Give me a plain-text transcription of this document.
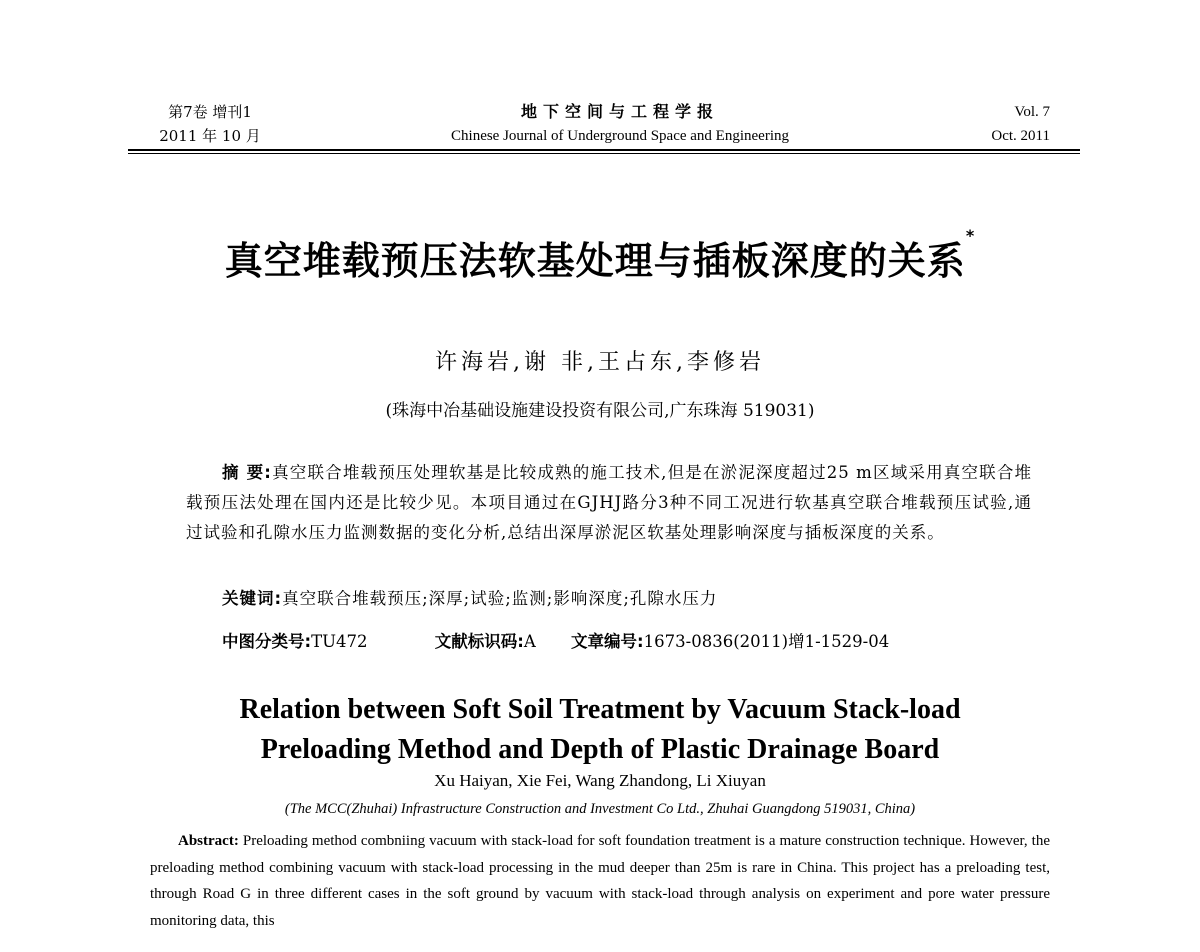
第7卷 增刊1
2011 年 10 月
地下空间与工程学报
Chinese Journal of Underground Space and Engineering
Vol. 7
Oct. 2011
真空堆载预压法软基处理与插板深度的关系*
许海岩,谢 非,王占东,李修岩
(珠海中冶基础设施建设投资有限公司,广东珠海 519031)
摘 要:真空联合堆载预压处理软基是比较成熟的施工技术,但是在淤泥深度超过25 m区域采用真空联合堆载预压法处理在国内还是比较少见。本项目通过在GJHJ路分3种不同工况进行软基真空联合堆载预压试验,通过试验和孔隙水压力监测数据的变化分析,总结出深厚淤泥区软基处理影响深度与插板深度的关系。
关键词:真空联合堆载预压;深厚;试验;监测;影响深度;孔隙水压力
中图分类号:TU472	文献标识码:A 文章编号:1673-0836(2011)增1-1529-04
Relation between Soft Soil Treatment by Vacuum Stack-load
Preloading Method and Depth of Plastic Drainage Board
Xu Haiyan, Xie Fei, Wang Zhandong, Li Xiuyan
(The MCC(Zhuhai) Infrastructure Construction and Investment Co Ltd., Zhuhai Guangdong 519031, China)
Abstract: Preloading method combniing vacuum with stack-load for soft foundation treatment is a mature construction technique. However, the preloading method combining vacuum with stack-load processing in the mud deeper than 25m is rare in China. This project has a preloading test, through Road G in three different cases in the soft ground by vacuum with stack-load through analysis on experiment and pore water pressure monitoring data, this
